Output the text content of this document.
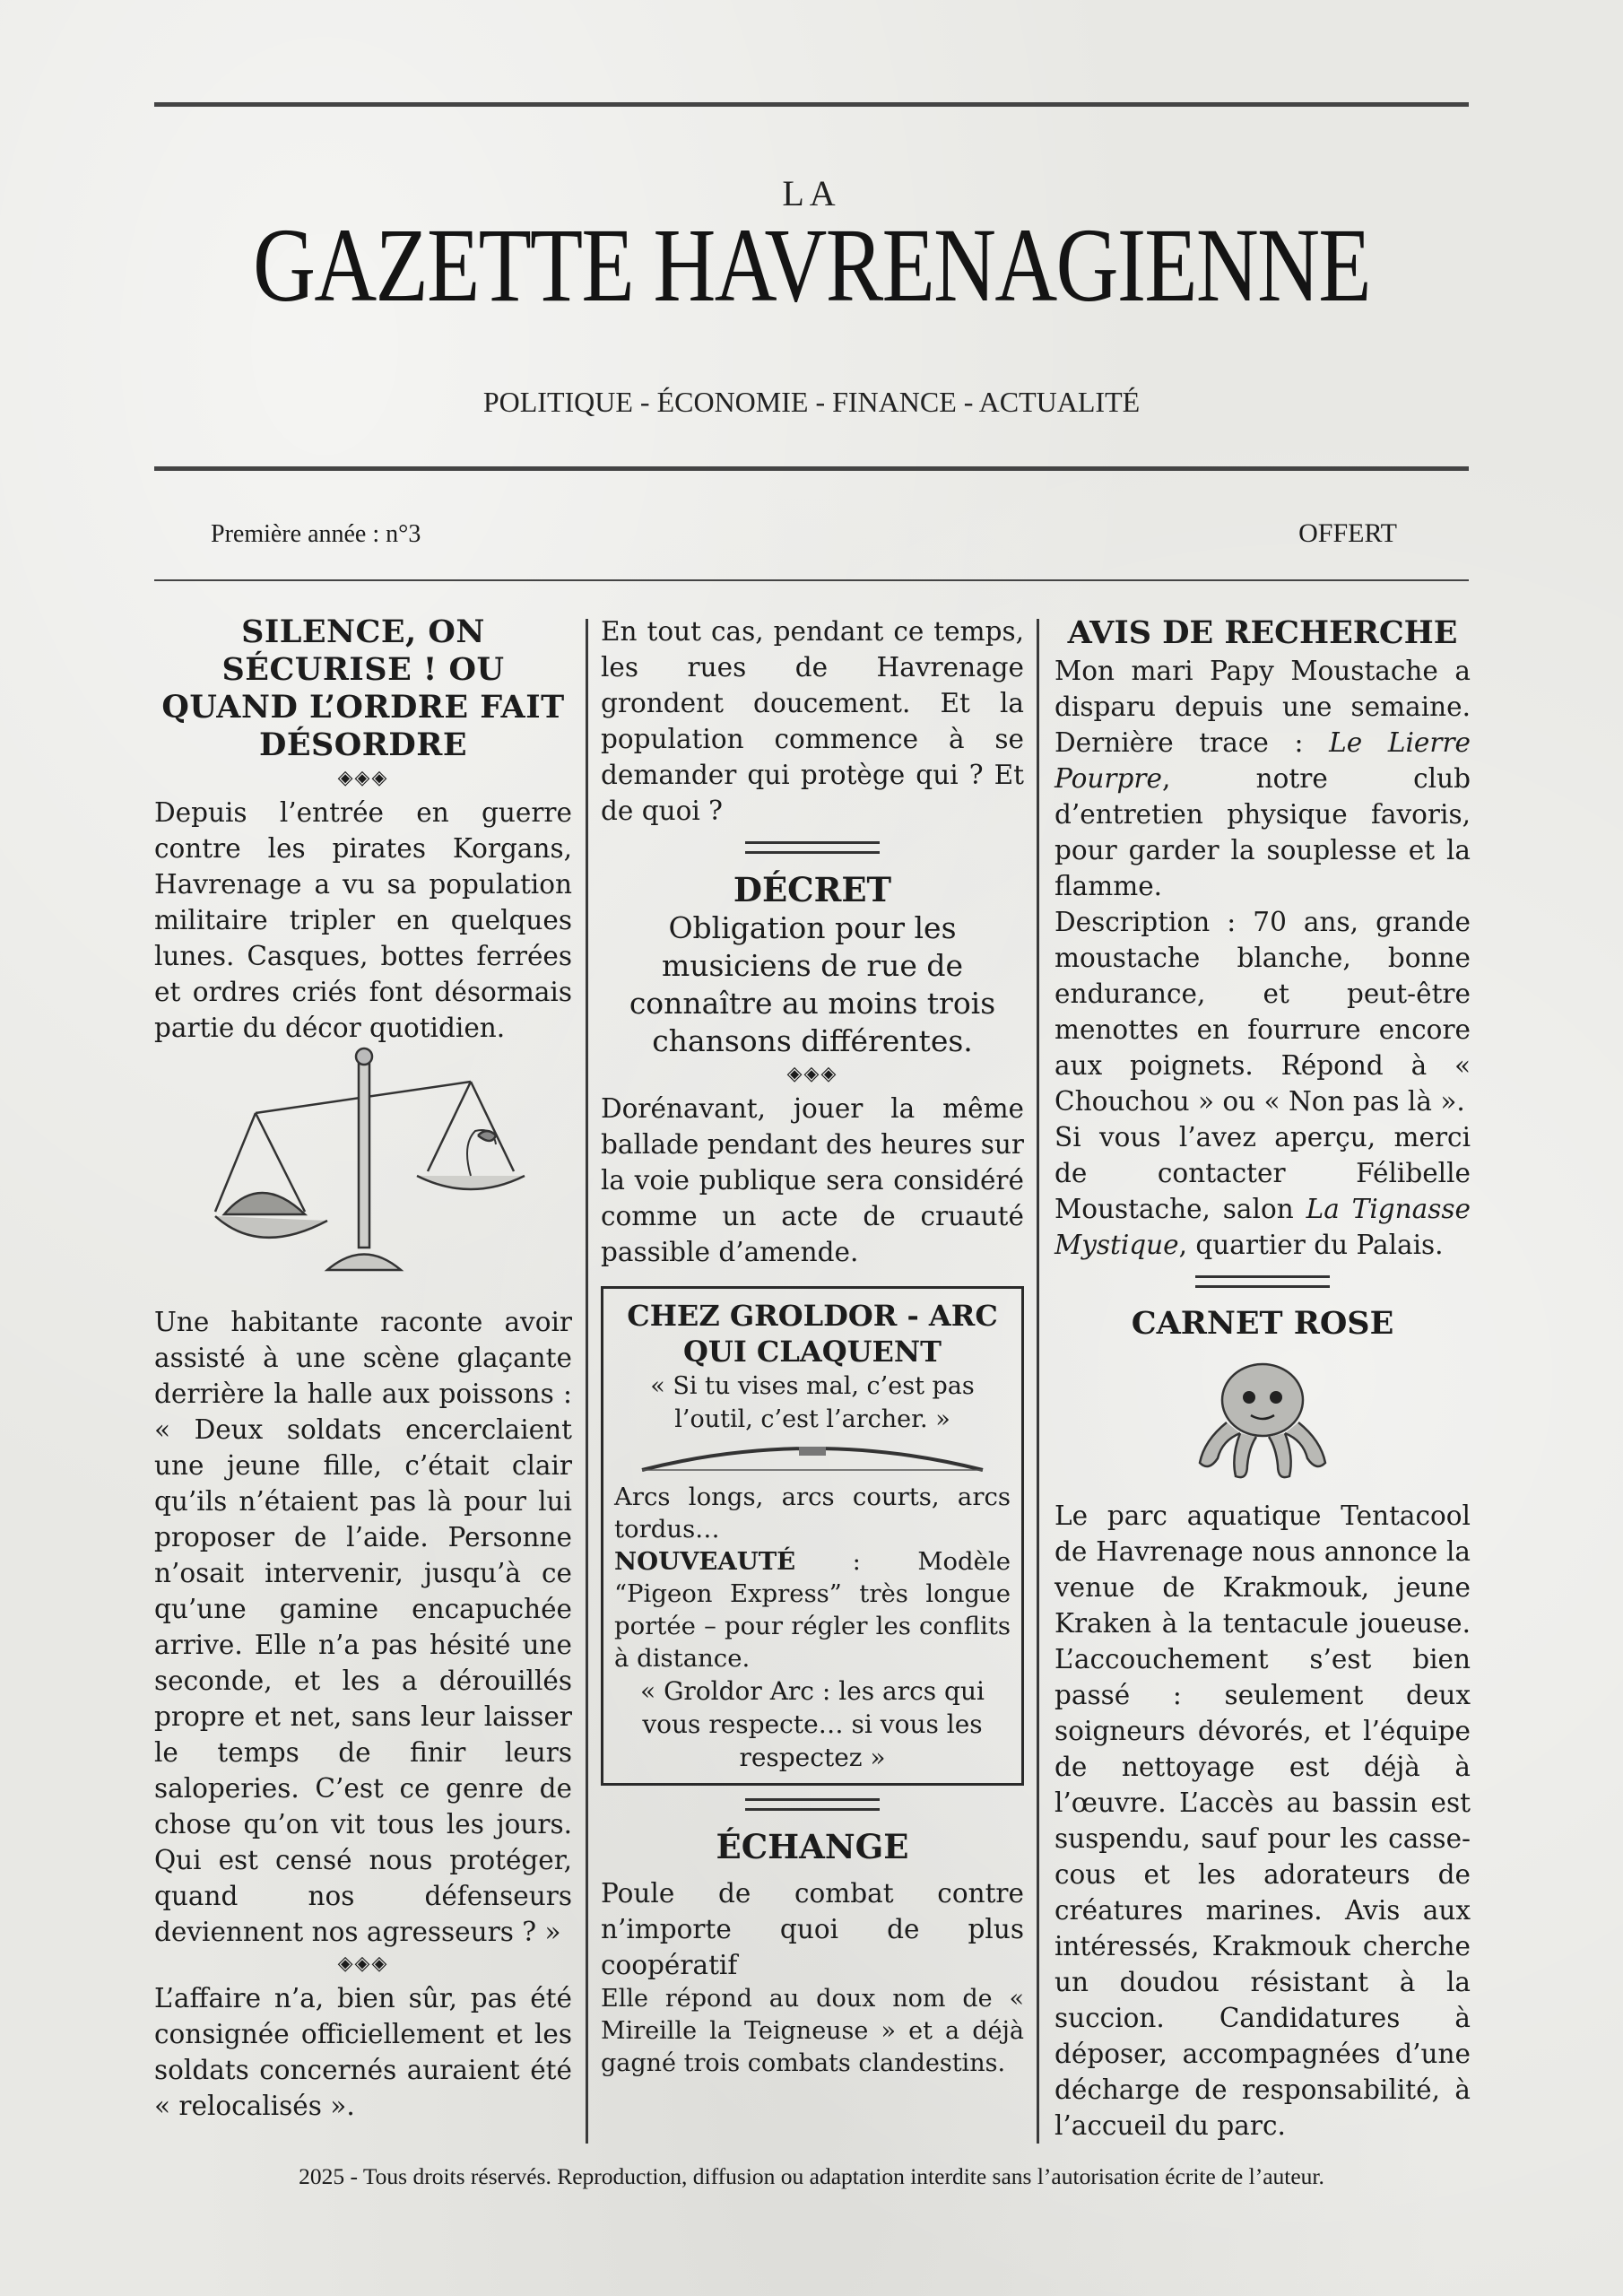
LA
GAZETTE HAVRENAGIENNE
POLITIQUE - ÉCONOMIE - FINANCE - ACTUALITÉ
Première année : n°3	OFFERT
SILENCE, ON SÉCURISE ! OU QUAND L’ORDRE FAIT DÉSORDRE
◈◈◈

Depuis l’entrée en guerre contre les pirates Korgans, Havrenage a vu sa population militaire tripler en quelques lunes. Casques, bottes ferrées et ordres criés font désormais partie du décor quotidien.

Une habitante raconte avoir assisté à une scène glaçante derrière la halle aux poissons : « Deux soldats encerclaient une jeune fille, c’était clair qu’ils n’étaient pas là pour lui proposer de l’aide. Personne n’osait intervenir, jusqu’à ce qu’une gamine encapuchée arrive. Elle n’a pas hésité une seconde, et les a dérouillés propre et net, sans leur laisser le temps de finir leurs saloperies. C’est ce genre de chose qu’on vit tous les jours. Qui est censé nous protéger, quand nos défenseurs deviennent nos agresseurs ? »

◈◈◈

L’affaire n’a, bien sûr, pas été consignée officiellement et les soldats concernés auraient été « relocalisés ».

En tout cas, pendant ce temps, les rues de Havrenage grondent doucement. Et la population commence à se demander qui protège qui ? Et de quoi ?

DÉCRET

Obligation pour les musiciens de rue de connaître au moins trois chansons différentes.

◈◈◈

Dorénavant, jouer la même ballade pendant des heures sur la voie publique sera considéré comme un acte de cruauté passible d’amende.

CHEZ GROLDOR - ARC QUI CLAQUENT

« Si tu vises mal, c’est pas l’outil, c’est l’archer. »

Arcs longs, arcs courts, arcs tordus…

NOUVEAUTÉ : Modèle “Pigeon Express” très longue portée – pour régler les conflits à distance.

« Groldor Arc : les arcs qui vous respecte… si vous les respectez »

ÉCHANGE

Poule de combat contre n’importe quoi de plus coopératif

Elle répond au doux nom de « Mireille la Teigneuse » et a déjà gagné trois combats clandestins.

AVIS DE RECHERCHE

Mon mari Papy Moustache a disparu depuis une semaine. Dernière trace : Le Lierre Pourpre, notre club d’entretien physique favoris, pour garder la souplesse et la flamme.

Description : 70 ans, grande moustache blanche, bonne endurance, et peut-être menottes en fourrure encore aux poignets. Répond à « Chouchou » ou « Non pas là ».

Si vous l’avez aperçu, merci de contacter Félibelle Moustache, salon La Tignasse Mystique, quartier du Palais.

CARNET ROSE

Le parc aquatique Tentacool de Havrenage nous annonce la venue de Krakmouk, jeune Kraken à la tentacule joueuse. L’accouchement s’est bien passé : seulement deux soigneurs dévorés, et l’équipe de nettoyage est déjà à l’œuvre. L’accès au bassin est suspendu, sauf pour les casse-cous et les adorateurs de créatures marines. Avis aux intéressés, Krakmouk cherche un doudou résistant à la succion. Candidatures à déposer, accompagnées d’une décharge de responsabilité, à l’accueil du parc.

2025 - Tous droits réservés. Reproduction, diffusion ou adaptation interdite sans l’autorisation écrite de l’auteur.
